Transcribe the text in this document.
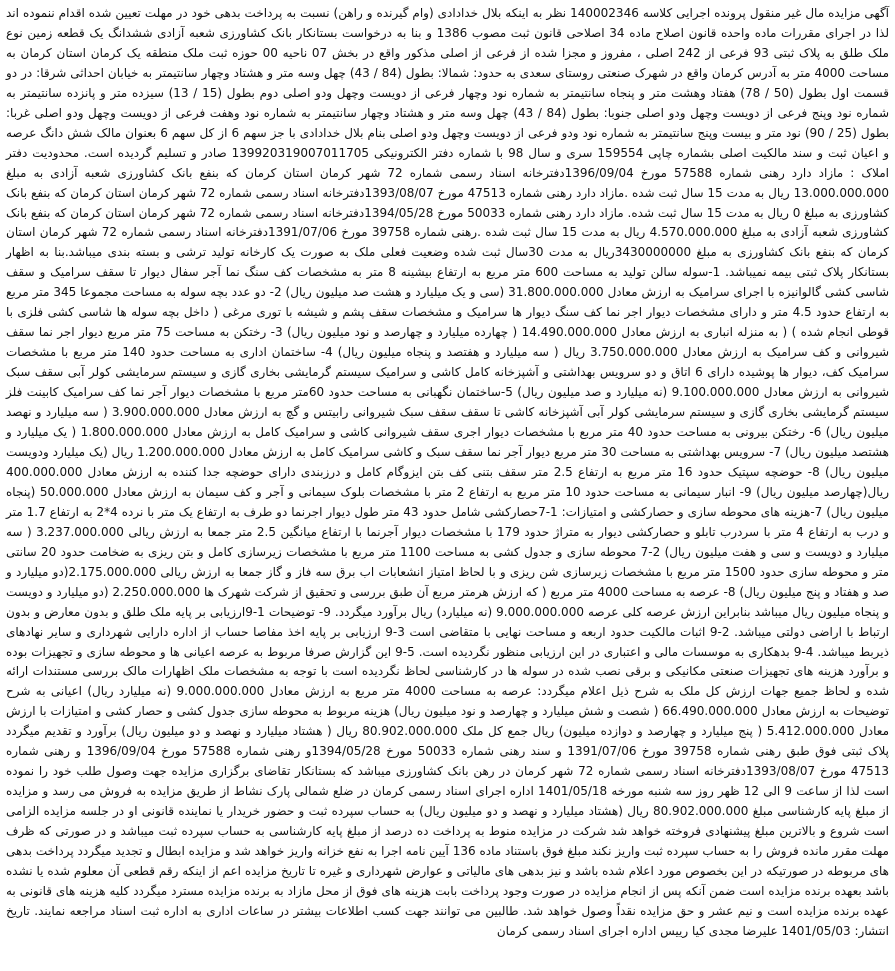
آگهی مزایده مال غیر منقول پرونده اجرایی کلاسه 140002346 نظر به اینکه بلال خدادادی (وام گیرنده و راهن) نسبت به پرداخت بدهی خود در مهلت تعیین شده اقدام ننموده اند لذا در اجرای مقررات ماده واحده قانون اصلاح ماده 34 اصلاحی قانون ثبت مصوب 1386 و بنا به درخواست بستانکار بانک کشاورزی شعبه آزادی ششدانگ یک قطعه زمین نوع ملک طلق به پلاک ثبتی 93 فرعی از 242 اصلی ، مفروز و مجزا شده از فرعی از اصلی مذکور واقع در بخش 07 ناحیه 00 حوزه ثبت ملک منطقه یک کرمان استان کرمان به مساحت 4000 متر به آدرس کرمان واقع در شهرک صنعتی روستای سعدی به حدود: شمالا: بطول (84 / 43) چهل وسه متر و هشتاد وچهار سانتیمتر به خیابان احداثی شرقا: در دو قسمت اول بطول (50 / 78) هفتاد وهشت متر و پنجاه سانتیمتر به شماره نود وچهار فرعی از دویست وچهل ودو اصلی دوم بطول (15 / 13) سیزده متر و پانزده سانتیمتر به شماره نود وپنج فرعی از دویست وچهل ودو اصلی جنوبا: بطول (84 / 43) چهل وسه متر و هشتاد وچهار سانتیمتر به شماره نود وهفت فرعی از دویست وچهل ودو اصلی غربا: بطول (25 / 90) نود متر و بیست وپنج سانتیمتر به شماره نود ودو فرعی از دویست وچهل ودو اصلی بنام بلال خدادادی با جز سهم 6 از کل سهم 6 بعنوان مالک شش دانگ عرصه و اعیان ثبت و سند مالکیت اصلی بشماره چاپی 159554 سری و سال 98 با شماره دفتر الکترونیکی 139920319007011705 صادر و تسلیم گردیده است. محدودیت دفتر املاک : مازاد دارد رهنی شماره 57588 مورخ 1396/09/04دفترخانه اسناد رسمی شماره 72 شهر کرمان استان کرمان که بنفع بانک کشاورزی شعبه آزادی به مبلغ 13.000.000.000 ریال به مدت 15 سال ثبت شده .مازاد دارد رهنی شماره 47513 مورخ 1393/08/07دفترخانه اسناد رسمی شماره 72 شهر کرمان استان کرمان که بنفع بانک کشاورزی به مبلغ 0 ریال به مدت 15 سال ثبت شده. مازاد دارد رهنی شماره 50033 مورخ 1394/05/28دفترخانه اسناد رسمی شماره 72 شهر کرمان استان کرمان که بنفع بانک کشاورزی شعبه آزادی به مبلغ 4.570.000.000 ریال به مدت 15 سال ثبت شده .رهنی شماره 39758 مورخ 1391/07/06دفترخانه اسناد رسمی شماره 72 شهر کرمان استان کرمان که بنفع بانک کشاورزی به مبلغ 3430000000ریال به مدت 30سال ثبت شده وضعیت فعلی ملک به صورت یک کارخانه تولید ترشی و بسته بندی میباشد.بنا به اظهار بستانکار پلاک ثبتی بیمه نمیباشد. 1-سوله سالن تولید به مساحت 600 متر مربع به ارتفاع بیشینه 8 متر به مشخصات کف سنگ نما آجر سفال دیوار تا سقف سرامیک و سقف شاسی کشی گالوانیزه با اجرای سرامیک به ارزش معادل 31.800.000.000 (سی و یک میلیارد و هشت صد میلیون ریال) 2- دو عدد بچه سوله به مساحت مجموعا 345 متر مربع به ارتفاع حدود 4.5 متر و دارای مشخصات دیوار اجر نما کف سنگ دیوار ها سرامیک و مشخصات سقف پشم و شیشه با توری مرغی ( داخل بچه سوله ها شاسی کشی فلزی با قوطی انجام شده ) ( به منزله انباری به ارزش معادل 14.490.000.000 ( چهارده میلیارد و چهارصد و نود میلیون ریال) 3- رختکن به مساحت 75 متر مربع دیوار اجر نما سقف شیروانی و کف سرامیک به ارزش معادل 3.750.000.000 ریال ( سه میلیارد و هفتصد و پنجاه میلیون ریال) 4- ساختمان اداری به مساحت حدود 140 متر مربع با مشخصات سرامیک کف، دیوار ها پوشیده دارای 6 اتاق و دو سرویس بهداشتی و آشپزخانه کامل کاشی و سرامیک سیستم گرمایشی بخاری گازی و سیستم سرمایشی کولر آبی سقف سبک شیروانی به ارزش معادل 9.100.000.000 (نه میلیارد و صد میلیون ریال) 5-ساختمان نگهبانی به مساحت حدود 60متر مربع با مشخصات دیوار آجر نما کف سرامیک کابینت فلز سیستم گرمایشی بخاری گازی و سیستم سرمایشی کولر آبی آشپزخانه کاشی تا سقف سقف سبک شیروانی رابیتس و گچ به ارزش معادل 3.900.000.000 ( سه میلیارد و نهصد میلیون ریال) 6- رختکن بیرونی به مساحت حدود 40 متر مربع با مشخصات دیوار اجری سقف شیروانی کاشی و سرامیک کامل به ارزش معادل 1.800.000.000 ( یک میلیارد و هشتصد میلیون ریال) 7- سرویس بهداشتی به مساحت 30 متر مربع دیوار آجر نما سقف سبک و کاشی سرامیک کامل به ارزش معادل 1.200.000.000 ریال (یک میلیارد ودویست میلیون ریال) 8- حوضچه سپتیک حدود 16 متر مربع به ارتفاع 2.5 متر سقف بتنی کف بتن ایزوگام کامل و درزبندی دارای حوضچه جدا کننده به ارزش معادل 400.000.000 ریال(چهارصد میلیون ریال) 9- انبار سیمانی به مساحت حدود 10 متر مربع به ارتفاع 2 متر با مشخصات بلوک سیمانی و آجر و کف سیمان به ارزش معادل 50.000.000 (پنجاه میلیون ریال) 7-هزینه های محوطه سازی و حصارکشی و امتیازات: 1-7حصارکشی شامل حدود 43 متر طول دیوار اجرنما دو طرف به ارتفاع یک متر با نرده 4*2 به ارتفاع 1.7 متر و درب به ارتفاع 4 متر با سردرب تابلو و حصارکشی دیوار به متراژ حدود 179 با مشخصات دیوار آجرنما با ارتفاع میانگین 2.5 متر جمعا به ارزش ریالی 3.237.000.000 ( سه میلیارد و دویست و سی و هفت میلیون ریال) 2-7 محوطه سازی و جدول کشی به مساحت 1100 متر مربع با مشخصات زیرسازی کامل و بتن ریزی به ضخامت حدود 20 سانتی متر و محوطه سازی حدود 1500 متر مربع با مشخصات زیرسازی شن ریزی و با لحاظ امتیاز انشعابات اب برق سه فاز و گاز جمعا به ارزش ریالی 2.175.000.000(دو میلیارد و صد و هفتاد و پنج میلیون ریال) 8- عرصه به مساحت 4000 متر مربع ( که ارزش هرمتر مربع آن طبق بررسی و تحقیق از شرکت شهرک ها 2.250.000.000 (دو میلیارد و دویست و پنجاه میلیون ریال میباشد بنابراین ارزش عرصه کلی عرصه 9.000.000.000 (نه میلیارد) ریال برآورد میگردد. 9- توضیحات 1-9ارزیابی بر پایه ملک طلق و بدون معارض و بدون ارتباط با اراضی دولتی میباشد. 2-9 اثبات مالکیت حدود اربعه و مساحت نهایی با متقاضی است 3-9 ارزیابی بر پایه اخذ مفاصا حساب از اداره دارایی شهرداری و سایر نهادهای ذیربط میباشد. 4-9 بدهکاری به موسسات مالی و اعتباری در این ارزیابی منظور نگردیده است. 5-9 این گزارش صرفا مربوط به عرصه اعیانی ها و محوطه سازی و تجهیزات بوده و برآورد هزینه های تجهیزات صنعتی مکانیکی و برقی نصب شده در سوله ها در کارشناسی لحاظ نگردیده است با توجه به مشخصات ملک اظهارات مالک بررسی مستندات ارائه شده و لحاظ جمیع جهات ارزش کل ملک به شرح ذیل اعلام میگردد: عرصه به مساحت 4000 متر مربع به ارزش معادل 9.000.000.000 (نه میلیارد ریال) اعیانی به شرح توضیحات به ارزش معادل 66.490.000.000 ( شصت و شش میلیارد و چهارصد و نود میلیون ریال) هزینه مربوط به محوطه سازی جدول کشی و حصار کشی و امتیازات با ارزش معادل 5.412.000.000 ( پنج میلیارد و چهارصد و دوازده میلیون) ریال جمع کل ملک 80.902.000.000 ریال ( هشتاد میلیارد و نهصد و دو میلیون ریال) برآورد و تقدیم میگردد پلاک ثبتی فوق طبق رهنی شماره 39758 مورخ 1391/07/06 و سند رهنی شماره 50033 مورخ 1394/05/28و رهنی شماره 57588 مورخ 1396/09/04 و رهنی شماره 47513 مورخ 1393/08/07دفترخانه اسناد رسمی شماره 72 شهر کرمان در رهن بانک کشاورزی میباشد که بستانکار تقاضای برگزاری مزایده جهت وصول طلب خود را نموده است لذا از ساعت 9 الی 12 ظهر روز سه شنبه مورخه 1401/05/18 اداره اجرای اسناد رسمی کرمان در ضلع شمالی پارک نشاط از طریق مزایده به فروش می رسد و مزایده از مبلغ پایه کارشناسی مبلغ 80.902.000.000 ریال (هشتاد میلیارد و نهصد و دو میلیون ریال) به حساب سپرده ثبت و حضور خریدار یا نماینده قانونی او در جلسه مزایده الزامی است شروع و بالاترین مبلغ پیشنهادی فروخته خواهد شد شرکت در مزایده منوط به پرداخت ده درصد از مبلغ پایه کارشناسی به حساب سپرده ثبت میباشد و در صورتی که ظرف مهلت مقرر مانده فروش را به حساب سپرده ثبت واریز نکند مبلغ فوق باستناد ماده 136 آیین نامه اجرا به نفع خزانه واریز خواهد شد و مزایده ابطال و تجدید میگردد پرداخت بدهی های مربوطه در صورتیکه در این بخصوص مورد اعلام شده باشد و نیز بدهی های مالیاتی و عوارض شهرداری و غیره تا تاریخ مزایده اعم از اینکه رقم قطعی آن معلوم شده یا نشده باشد بعهده برنده مزایده است ضمن آنکه پس از انجام مزایده در صورت وجود پرداخت بابت هزینه های فوق از محل مازاد به برنده مزایده مسترد میگردد کلیه هزینه های قانونی به عهده برنده مزایده است و نیم عشر و حق مزایده نقداً وصول خواهد شد. طالبین می توانند جهت کسب اطلاعات بیشتر در ساعات اداری به اداره ثبت اسناد مراجعه نمایند. تاریخ انتشار: 1401/05/03 علیرضا مجدی کیا رییس اداره اجرای اسناد رسمی کرمان
